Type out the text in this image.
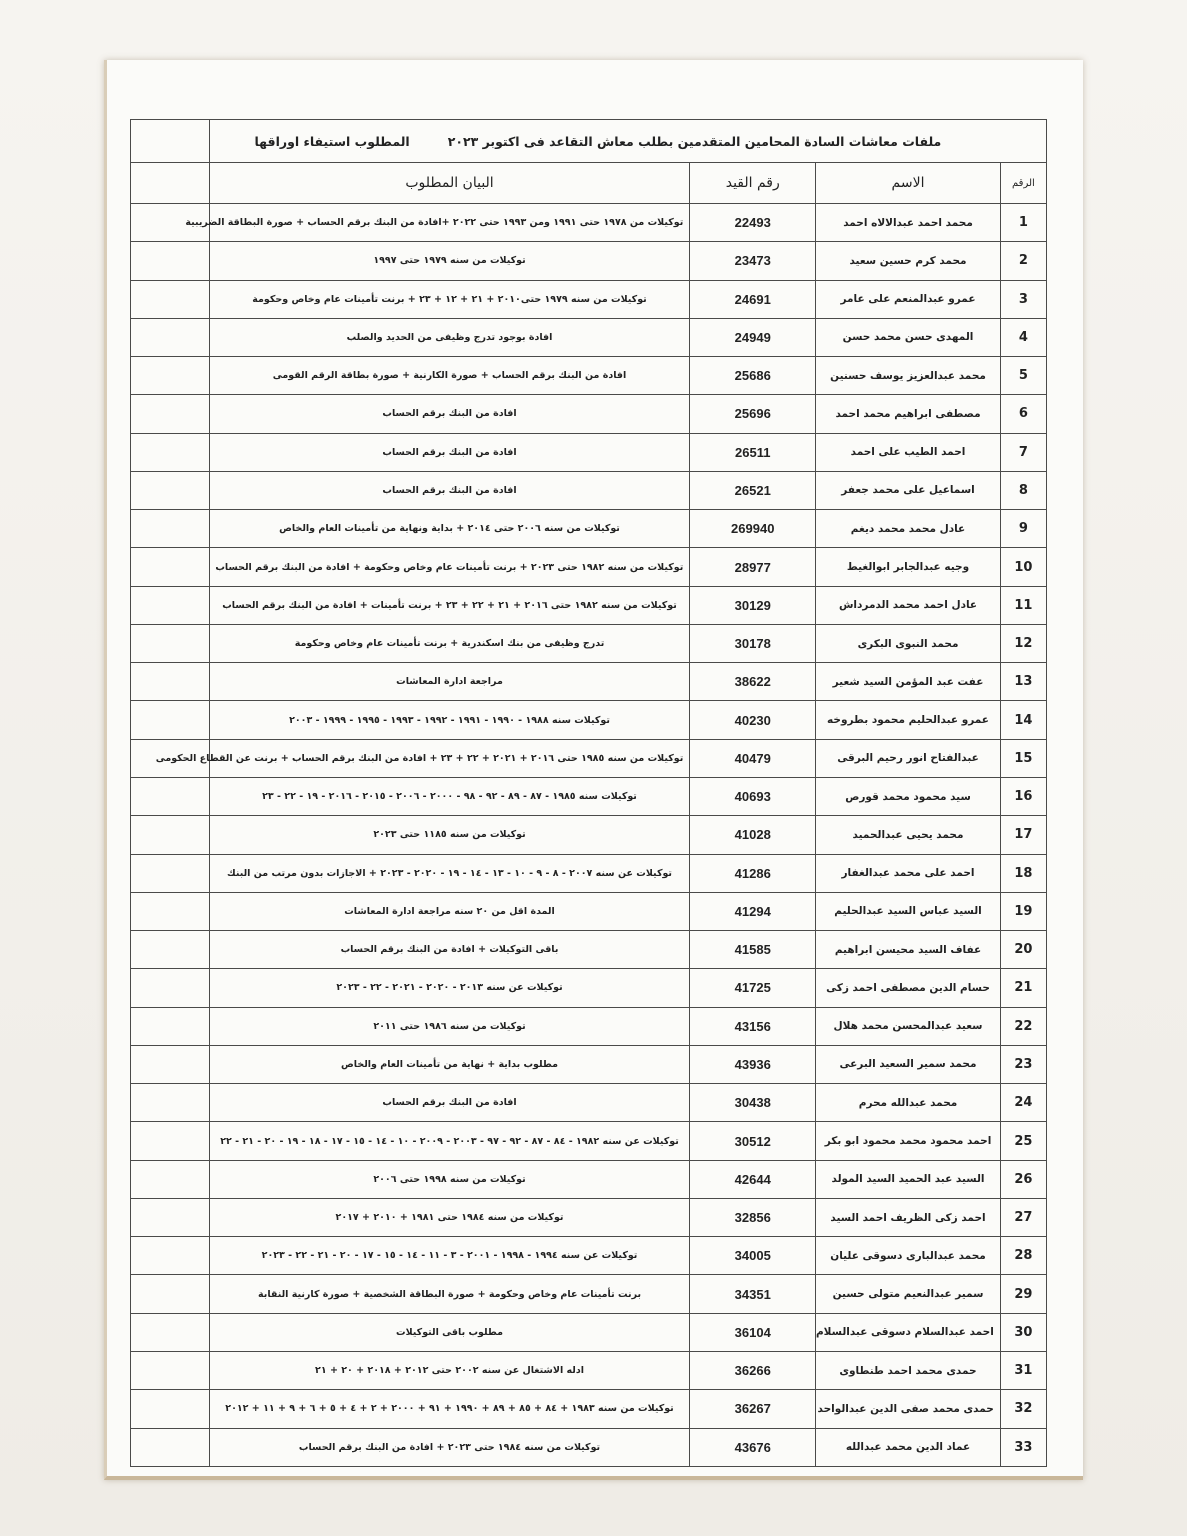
ملفات معاشات السادة المحامين المتقدمين بطلب معاش التقاعد فى اكتوبر ٢٠٢٣
المطلوب استيفاء اوراقها				

الرقم	الاسم	رقم القيد	البيان المطلوب	
1	محمد احمد عبدالالاه احمد	22493	توكيلات من ١٩٧٨ حتى ١٩٩١ ومن ١٩٩٣ حتى ٢٠٢٢ +افادة من البنك برقم الحساب + صورة البطاقة الضريبية	
2	محمد كرم حسين سعيد	23473	توكيلات من سنه ١٩٧٩ حتى ١٩٩٧	
3	عمرو عبدالمنعم على عامر	24691	توكيلات من سنه ١٩٧٩ حتى٢٠١٠ + ٢١ + ١٢ + ٢٣ + برنت تأمينات عام وخاص وحكومة	
4	المهدى حسن محمد حسن	24949	افادة بوجود تدرج وظيفى من الحديد والصلب	
5	محمد عبدالعزيز يوسف حسنين	25686	افادة من البنك برقم الحساب + صورة الكارنية + صورة بطاقة الرقم القومى	
6	مصطفى ابراهيم محمد احمد	25696	افادة من البنك برقم الحساب	
7	احمد الطيب على احمد	26511	افادة من البنك برقم الحساب	
8	اسماعيل على محمد جعفر	26521	افادة من البنك برقم الحساب	
9	عادل محمد محمد ديغم	269940	توكيلات من سنه ٢٠٠٦ حتى ٢٠١٤ + بداية ونهاية من تأمينات العام والخاص	
10	وجيه عبدالجابر ابوالغيط	28977	توكيلات من سنه ١٩٨٢ حتى ٢٠٢٣ + برنت تأمينات عام وخاص وحكومة + افادة من البنك برقم الحساب	
11	عادل احمد محمد الدمرداش	30129	توكيلات من سنه ١٩٨٢ حتى ٢٠١٦ + ٢١ + ٢٢ + ٢٣ + برنت تأمينات + افادة من البنك برقم الحساب	
12	محمد النبوى البكرى	30178	تدرج وظيفى من بنك اسكندرية + برنت تأمينات عام وخاص وحكومة	
13	عفت عبد المؤمن السيد شعير	38622	مراجعة ادارة المعاشات	
14	عمرو عبدالحليم محمود بطروخه	40230	توكيلات سنه ١٩٨٨ - ١٩٩٠ - ١٩٩١ - ١٩٩٢ - ١٩٩٣ - ١٩٩٥ - ١٩٩٩ - ٢٠٠٣	
15	عبدالفتاح انور رحيم البرقى	40479	توكيلات من سنه ١٩٨٥ حتى ٢٠١٦ + ٢٠٢١ + ٢٢ + ٢٣ + افادة من البنك برقم الحساب + برنت عن القطاع الحكومى	
16	سيد محمود محمد قورص	40693	توكيلات سنه ١٩٨٥ - ٨٧ - ٨٩ - ٩٢ - ٩٨ - ٢٠٠٠ - ٢٠٠٦ - ٢٠١٥ - ٢٠١٦ - ١٩ - ٢٢ - ٢٣	
17	محمد يحيى عبدالحميد	41028	توكيلات من سنه ١١٨٥ حتى ٢٠٢٣	
18	احمد على محمد عبدالغفار	41286	توكيلات عن سنه ٢٠٠٧ - ٨ - ٩ - ١٠ - ١٣ - ١٤ - ١٩ - ٢٠٢٠ - ٢٠٢٣ + الاجازات بدون مرتب من البنك	
19	السيد عباس السيد عبدالحليم	41294	المدة اقل من ٢٠ سنه مراجعة ادارة المعاشات	
20	عفاف السيد محيسن ابراهيم	41585	باقى التوكيلات + افادة من البنك برقم الحساب	
21	حسام الدين مصطفى احمد زكى	41725	توكيلات عن سنه ٢٠١٣ - ٢٠٢٠ - ٢٠٢١ - ٢٢ - ٢٠٢٣	
22	سعيد عبدالمحسن محمد هلال	43156	توكيلات من سنه ١٩٨٦ حتى ٢٠١١	
23	محمد سمير السعيد البرعى	43936	مطلوب بداية + نهاية من تأمينات العام والخاص	
24	محمد عبدالله محرم	30438	افادة من البنك برقم الحساب	
25	احمد محمود محمد محمود ابو بكر	30512	توكيلات عن سنه ١٩٨٢ - ٨٤ - ٨٧ - ٩٢ - ٩٧ - ٢٠٠٣ - ٢٠٠٩ - ١٠ - ١٤ - ١٥ - ١٧ - ١٨ - ١٩ - ٢٠ - ٢١ - ٢٢	
26	السيد عبد الحميد السيد المولد	42644	توكيلات من سنه ١٩٩٨ حتى ٢٠٠٦	
27	احمد زكى الظريف احمد السيد	32856	توكيلات من سنه ١٩٨٤ حتى ١٩٨١ + ٢٠١٠ + ٢٠١٧	
28	محمد عبدالبارى دسوقى عليان	34005	توكيلات عن سنه ١٩٩٤ - ١٩٩٨ - ٢٠٠١ - ٣ - ١١ - ١٤ - ١٥ - ١٧ - ٢٠ - ٢١ - ٢٢ - ٢٠٢٣	
29	سمير عبدالنعيم متولى حسين	34351	برنت تأمينات عام وخاص وحكومة + صورة البطاقة الشخصية + صورة كارنية النقابة	
30	احمد عبدالسلام دسوقى عبدالسلام	36104	مطلوب باقى التوكيلات	
31	حمدى محمد احمد طنطاوى	36266	ادله الاشتغال عن سنه ٢٠٠٢ حتى ٢٠١٢ + ٢٠١٨ + ٢٠ + ٢١	
32	حمدى محمد صفى الدين عبدالواحد	36267	توكيلات من سنه ١٩٨٣ + ٨٤ + ٨٥ + ٨٩ + ١٩٩٠ + ٩١ + ٢٠٠٠ + ٢ + ٤ + ٥ + ٦ + ٩ + ١١ + ٢٠١٢	
33	عماد الدين محمد عبدالله	43676	توكيلات من سنه ١٩٨٤ حتى ٢٠٢٣ + افادة من البنك برقم الحساب	
